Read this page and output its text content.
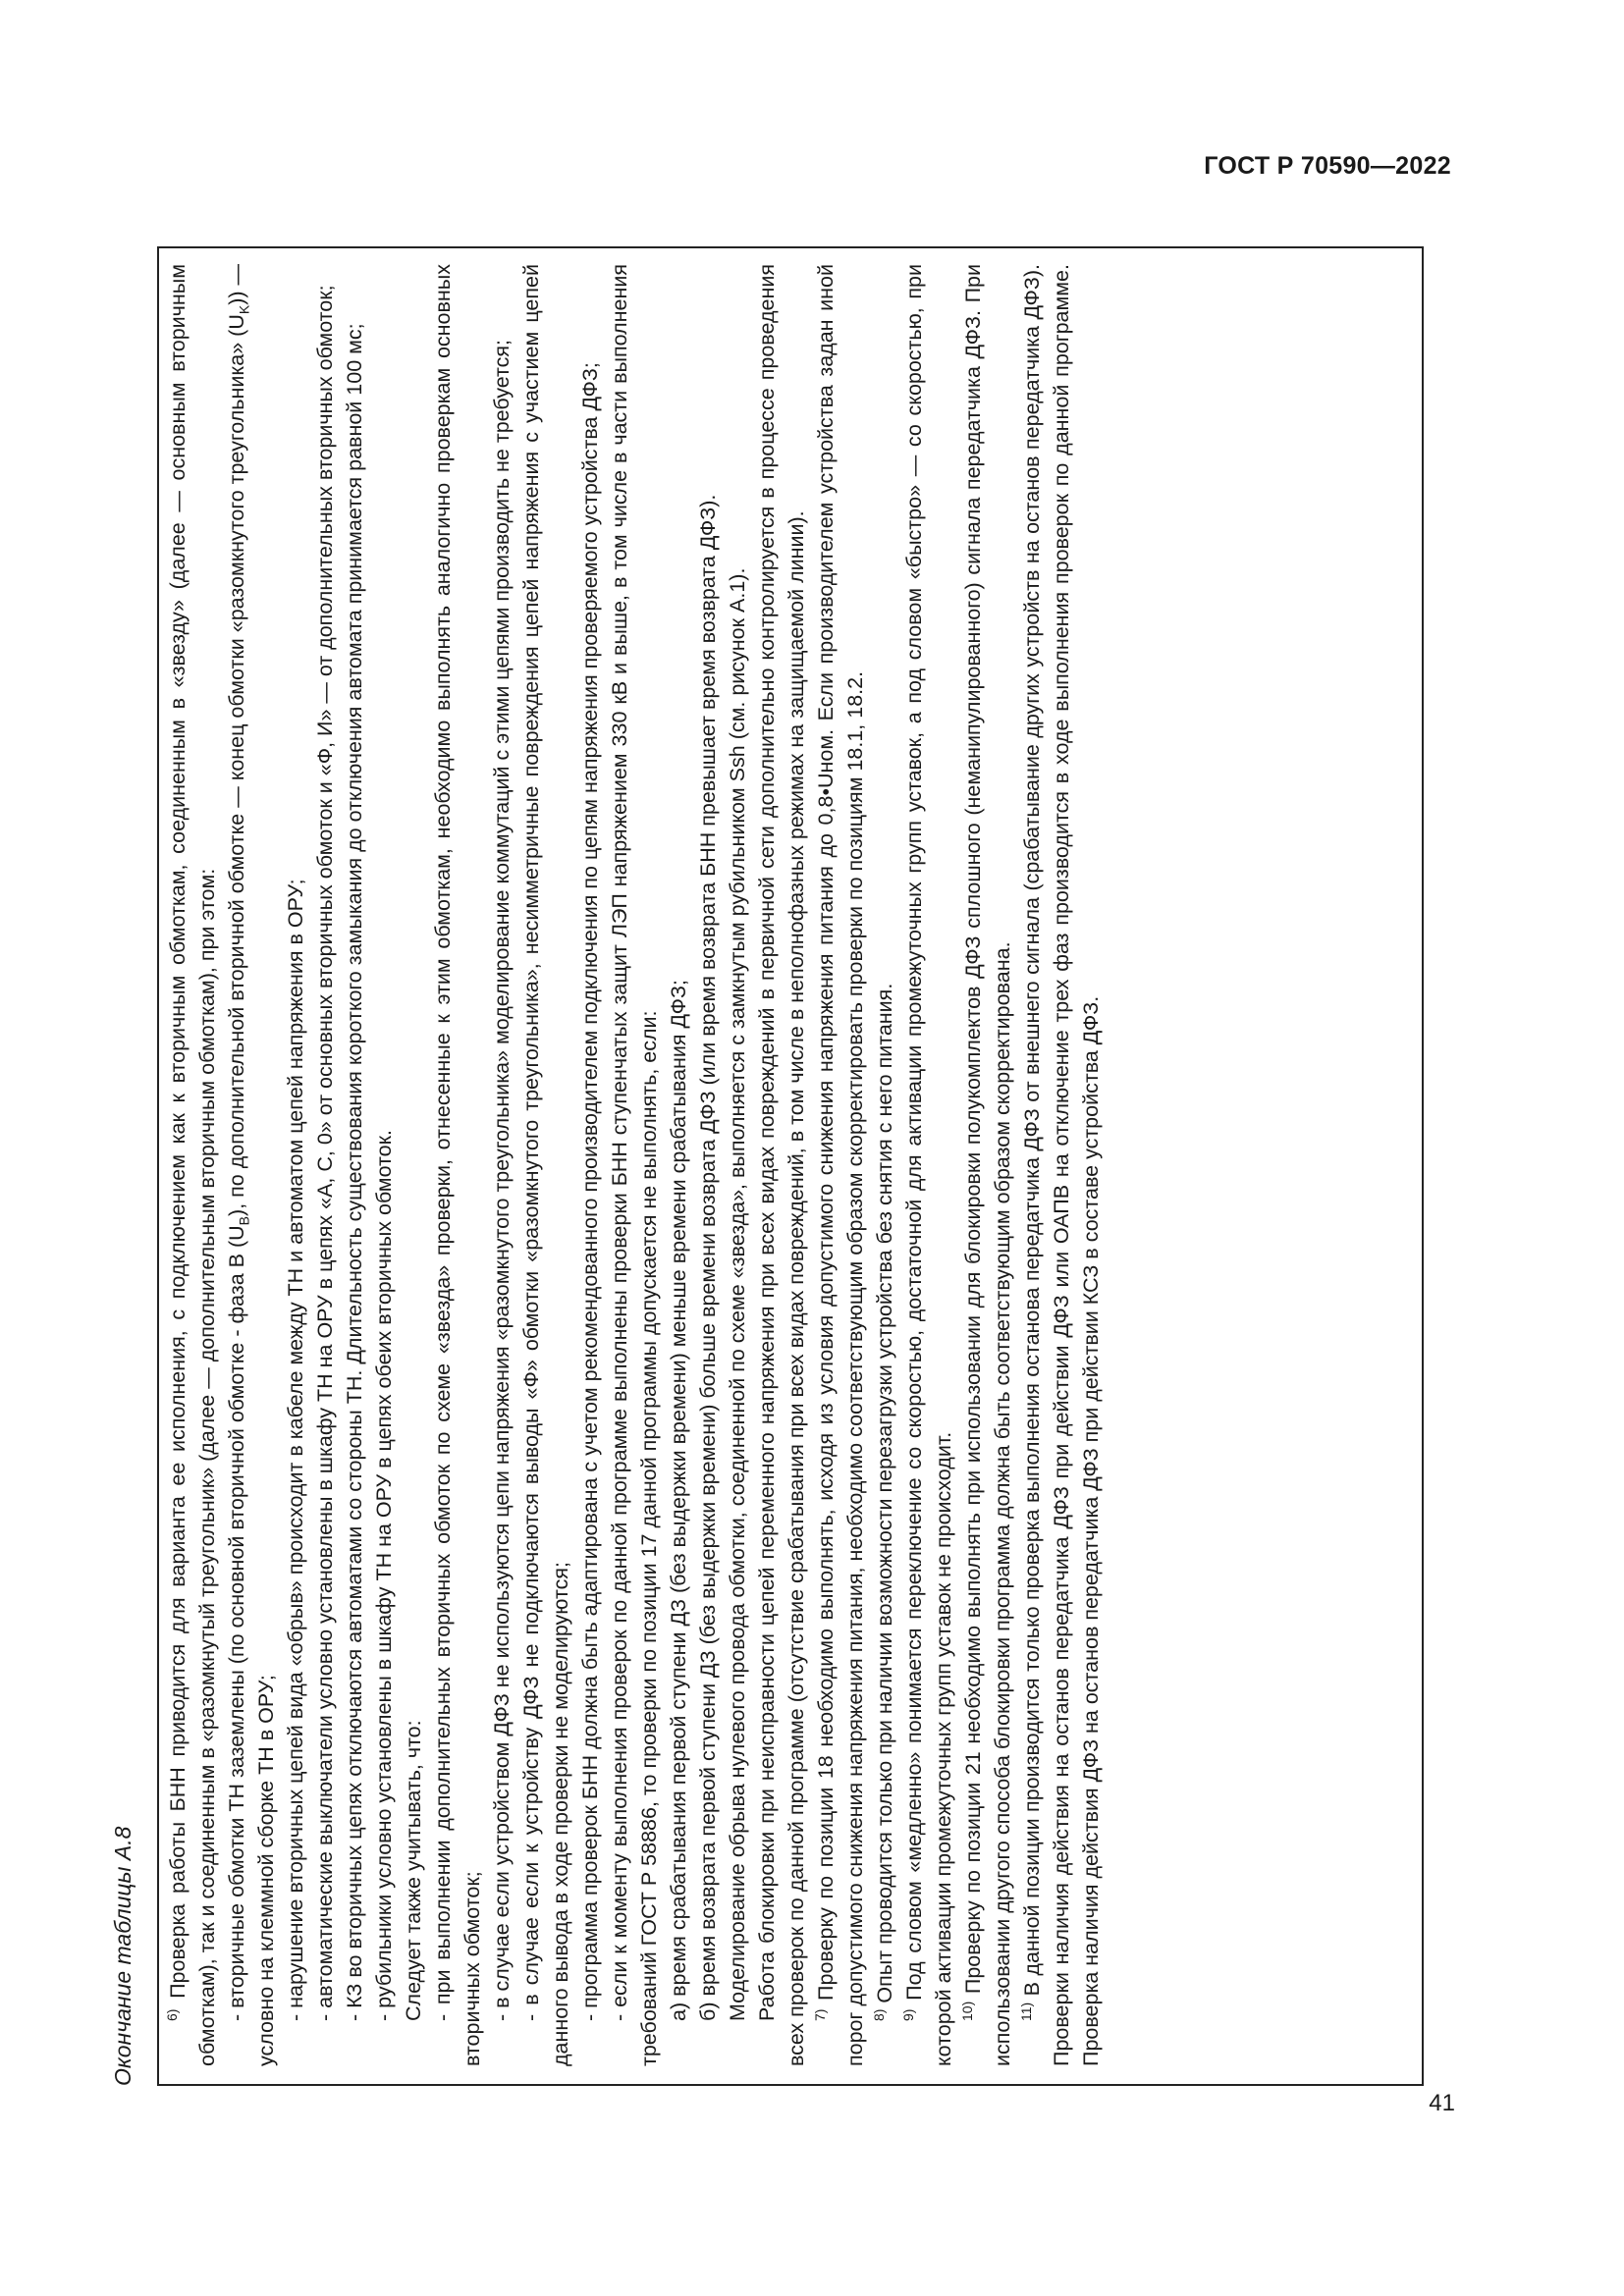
ГОСТ Р 70590—2022
Окончание таблицы А.8	$^{6)}$ Проверка работы БНН приводится для варианта ее исполнения, с подключением как к вторичным обмоткам, соединенным в «звезду» (далее — основным вторичным обмоткам), так и соединенным в «разомкнутый треугольник» (далее — дополнительным вторичным обмоткам), при этом: - вторичные обмотки ТН заземлены (по основной вторичной обмотке - фаза B $(U_B)$, по дополнительной вторичной обмотке — конец обмотки «разомкнутого треугольника» $(U_K)$) — условно на клеммной сборке ТН в ОРУ; - нарушение вторичных цепей вида «обрыв» происходит в кабеле между ТН и автоматом цепей напряжения в ОРУ; - автоматические выключатели условно установлены в шкафу ТН на ОРУ в цепях «А, С, 0» от основных вторичных обмоток и «Ф, И» — от дополнительных вторичных обмоток; - КЗ во вторичных цепях отключаются автоматами со стороны ТН. Длительность существования короткого замыкания до отключения автомата принимается равной 100 мс; - рубильники условно установлены в шкафу ТН на ОРУ в цепях обеих вторичных обмоток. Следует также учитывать, что: - при выполнении дополнительных вторичных обмоток по схеме «звезда» проверки, отнесенные к этим обмоткам, необходимо выполнять аналогично проверкам основных вторичных обмоток; - в случае если устройством ДФЗ не используются цепи напряжения «разомкнутого треугольника» моделирование коммутаций с этими цепями производить не требуется; - в случае если к устройству ДФЗ не подключаются выводы «Ф» обмотки «разомкнутого треугольника», несимметричные повреждения цепей напряжения с участием цепей данного вывода в ходе проверки не моделируются; - программа проверок БНН должна быть адаптирована с учетом рекомендованного производителем подключения по цепям напряжения проверяемого устройства ДФЗ; - если к моменту выполнения проверок по данной программе выполнены проверки БНН ступенчатых защит ЛЭП напряжением 330 кВ и выше, в том числе в части выполнения требований ГОСТ Р 58886, то проверки по позиции 17 данной программы допускается не выполнять, если: а) время срабатывания первой ступени ДЗ (без выдержки времени) меньше времени срабатывания ДФЗ; б) время возврата первой ступени ДЗ (без выдержки времени) больше времени возврата ДФЗ (или время возврата БНН превышает время возврата ДФЗ). Моделирование обрыва нулевого провода обмотки, соединенной по схеме «звезда», выполняется с замкнутым рубильником Ssh (см. рисунок А.1). Работа блокировки при неисправности цепей переменного напряжения при всех видах повреждений в первичной сети дополнительно контролируется в процессе проведения всех проверок по данной программе (отсутствие срабатывания при всех видах повреждений, в том числе в неполнофазных режимах на защищаемой линии). $^{7)}$ Проверку по позиции 18 необходимо выполнять, исходя из условия допустимого снижения напряжения питания до 0,8•Uном. Если производителем устройства задан иной порог допустимого снижения напряжения питания, необходимо соответствующим образом скорректировать проверки по позициям 18.1, 18.2. $^{8)}$ Опыт проводится только при наличии возможности перезагрузки устройства без снятия с него питания.

$^{9)}$ Под словом «медленно» понимается переключение со скоростью, достаточной для активации промежуточных групп уставок, а под словом «быстро» — со скоростью, при которой активации промежуточных групп уставок не происходит. $^{10)}$ Проверку по позиции 21 необходимо выполнять при использовании для блокировки полукомплектов ДФЗ сплошного (неманипулированного) сигнала передатчика ДФЗ. При использовании другого способа блокировки программа должна быть соответствующим образом скорректирована. $^{11)}$ В данной позиции производится только проверка выполнения останова передатчика ДФЗ от внешнего сигнала (срабатывание других устройств на останов передатчика ДФЗ). Проверки наличия действия на останов передатчика ДФЗ при действии ДФЗ или ОАПВ на отключение трех фаз производится в ходе выполнения проверок по данной программе. Проверка наличия действия ДФЗ на останов передатчика ДФЗ при действии КСЗ в составе устройства ДФЗ.

41
